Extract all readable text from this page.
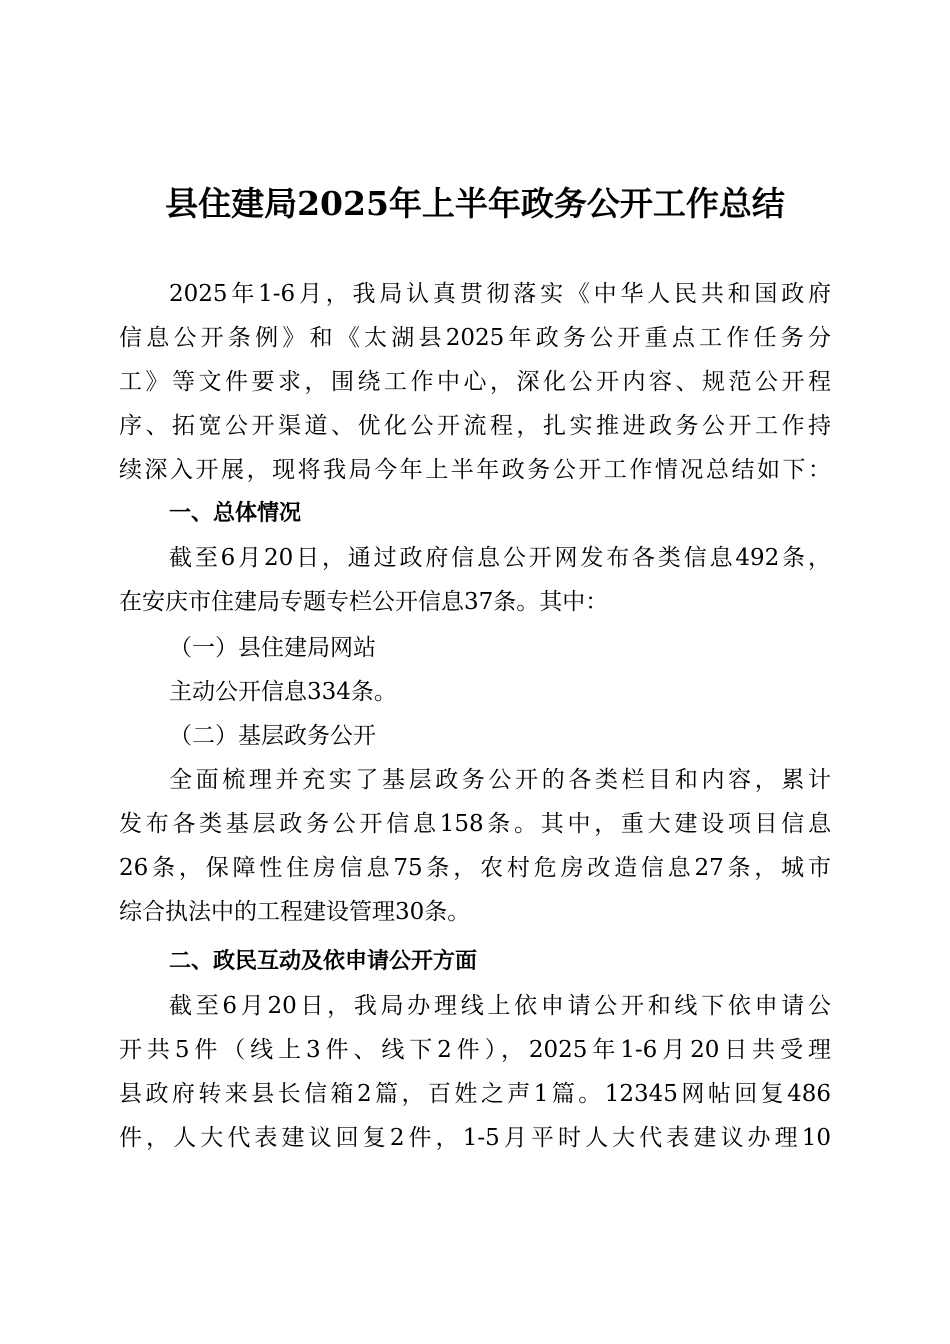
县住建局2025年上半年政务公开工作总结
2025年1-6月，我局认真贯彻落实《中华人民共和国政府
信息公开条例》和《太湖县2025年政务公开重点工作任务分
工》等文件要求，围绕工作中心，深化公开内容、规范公开程
序、拓宽公开渠道、优化公开流程，扎实推进政务公开工作持
续深入开展，现将我局今年上半年政务公开工作情况总结如下：
一、总体情况
截至6月20日，通过政府信息公开网发布各类信息492条，
在安庆市住建局专题专栏公开信息37条。其中：
（一）县住建局网站
主动公开信息334条。
（二）基层政务公开
全面梳理并充实了基层政务公开的各类栏目和内容，累计
发布各类基层政务公开信息158条。其中，重大建设项目信息
26条，保障性住房信息75条，农村危房改造信息27条，城市
综合执法中的工程建设管理30条。
二、政民互动及依申请公开方面
截至6月20日，我局办理线上依申请公开和线下依申请公
开共5件（线上3件、线下2件），2025年1-6月20日共受理
县政府转来县长信箱2篇，百姓之声1篇。12345网帖回复486
件，人大代表建议回复2件，1-5月平时人大代表建议办理10
